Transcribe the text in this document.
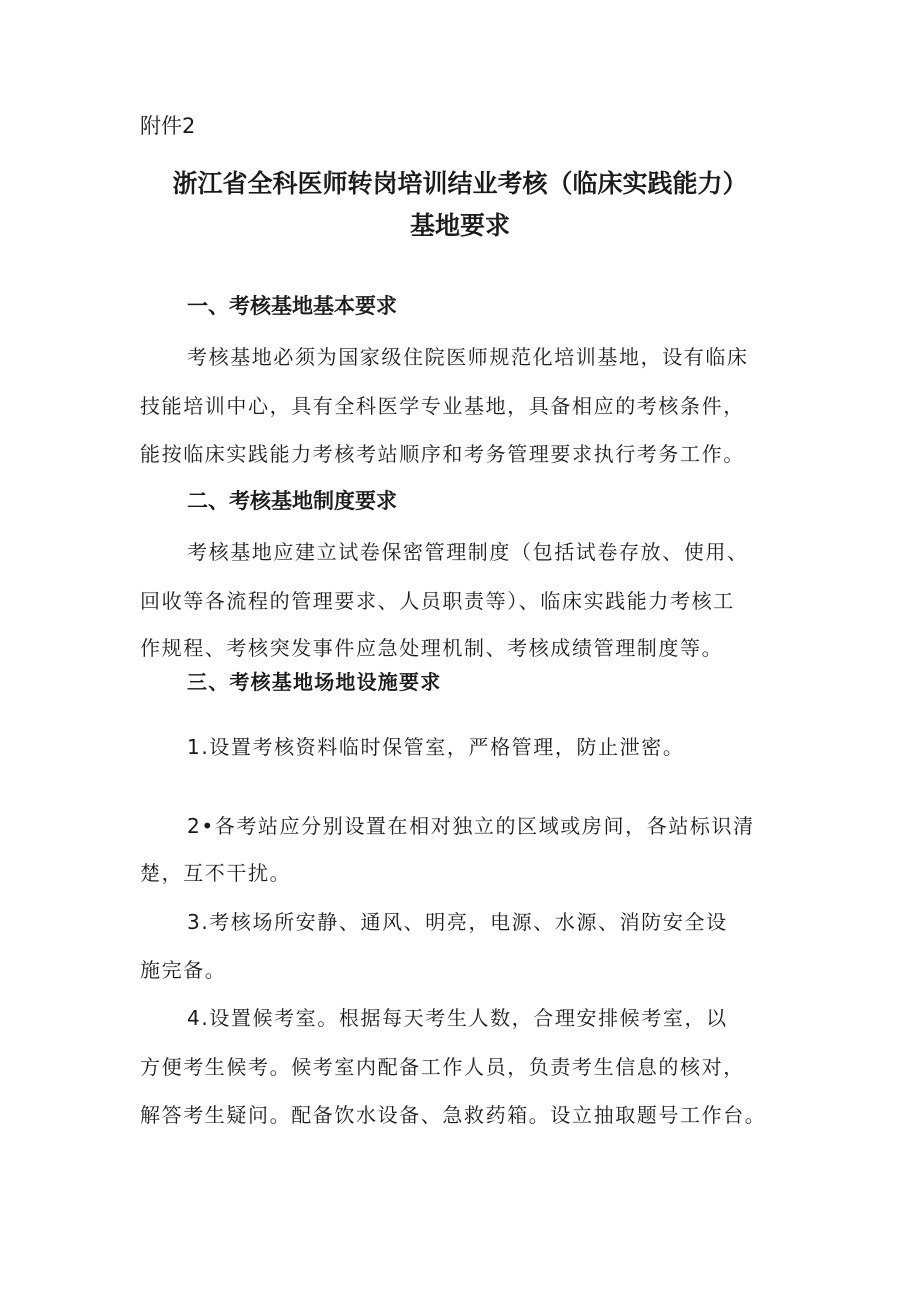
附件2

浙江省全科医师转岗培训结业考核（临床实践能力）
基地要求
一、考核基地基本要求

考核基地必须为国家级住院医师规范化培训基地，设有临床

技能培训中心，具有全科医学专业基地，具备相应的考核条件，

能按临床实践能力考核考站顺序和考务管理要求执行考务工作。

二、考核基地制度要求

考核基地应建立试卷保密管理制度（包括试卷存放、使用、

回收等各流程的管理要求、人员职责等）、临床实践能力考核工

作规程、考核突发事件应急处理机制、考核成绩管理制度等。

三、考核基地场地设施要求

1.设置考核资料临时保管室，严格管理，防止泄密。

2•各考站应分别设置在相对独立的区域或房间，各站标识清

楚，互不干扰。

3.考核场所安静、通风、明亮，电源、水源、消防安全设

施完备。

4.设置候考室。根据每天考生人数，合理安排候考室，以

方便考生候考。候考室内配备工作人员，负责考生信息的核对，

解答考生疑问。配备饮水设备、急救药箱。设立抽取题号工作台。
